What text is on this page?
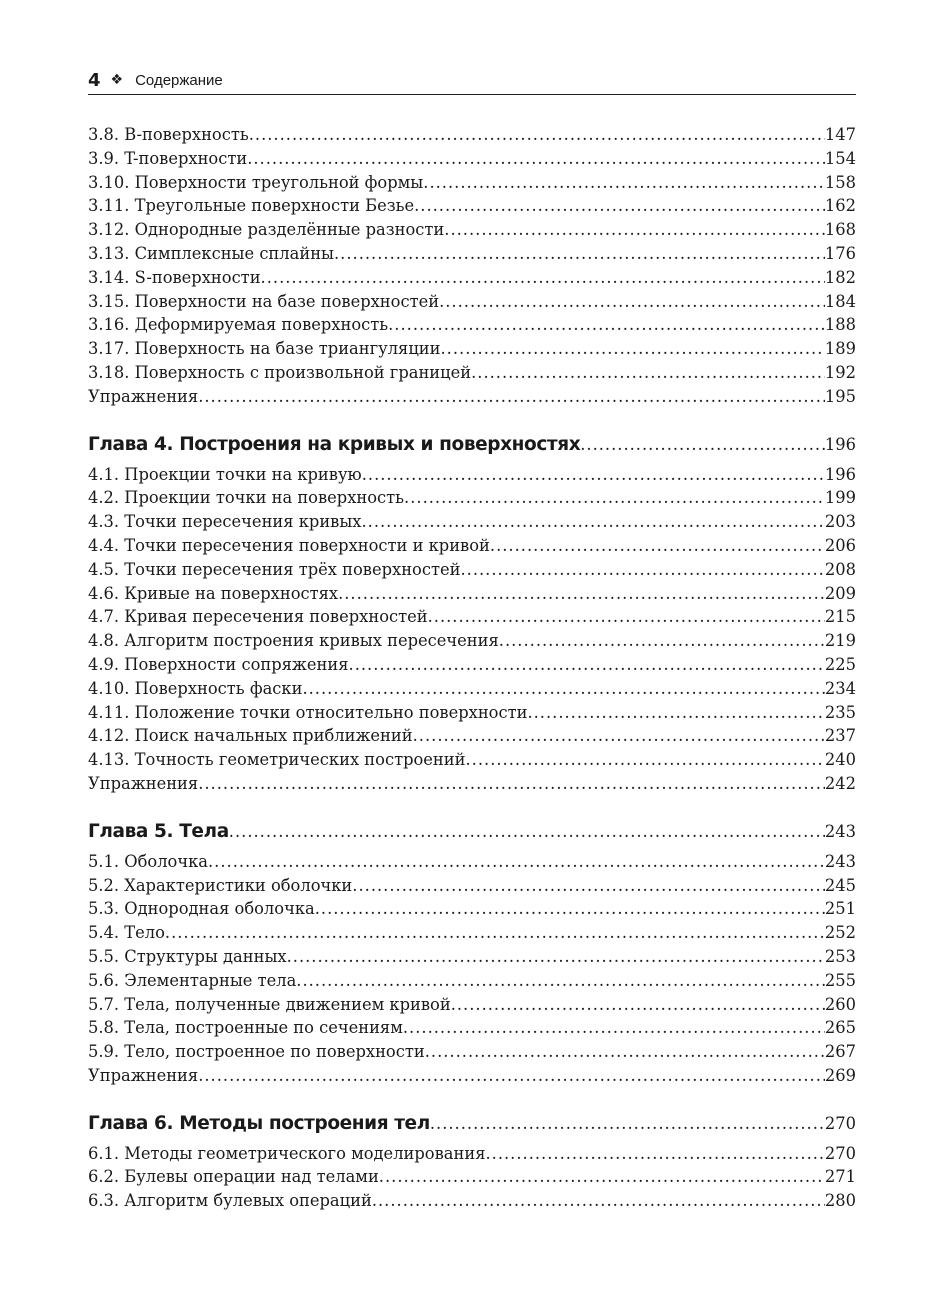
4 ❖ Содержание
3.8. B-поверхность .....	147
3.9. T-поверхности .....	154
3.10. Поверхности треугольной формы .....	158
3.11. Треугольные поверхности Безье .....	162
3.12. Однородные разделённые разности .....	168
3.13. Симплексные сплайны .....	176
3.14. S-поверхности .....	182
3.15. Поверхности на базе поверхностей .....	184
3.16. Деформируемая поверхность .....	188
3.17. Поверхность на базе триангуляции .....	189
3.18. Поверхность с произвольной границей .....	192
Упражнения .....	195
Глава 4. Построения на кривых и поверхностях .....	196
4.1. Проекции точки на кривую .....	196
4.2. Проекции точки на поверхность .....	199
4.3. Точки пересечения кривых .....	203
4.4. Точки пересечения поверхности и кривой .....	206
4.5. Точки пересечения трёх поверхностей .....	208
4.6. Кривые на поверхностях .....	209
4.7. Кривая пересечения поверхностей .....	215
4.8. Алгоритм построения кривых пересечения .....	219
4.9. Поверхности сопряжения .....	225
4.10. Поверхность фаски .....	234
4.11. Положение точки относительно поверхности .....	235
4.12. Поиск начальных приближений .....	237
4.13. Точность геометрических построений .....	240
Упражнения .....	242
Глава 5. Тела .....	243
5.1. Оболочка .....	243
5.2. Характеристики оболочки .....	245
5.3. Однородная оболочка .....	251
5.4. Тело .....	252
5.5. Структуры данных .....	253
5.6. Элементарные тела .....	255
5.7. Тела, полученные движением кривой .....	260
5.8. Тела, построенные по сечениям .....	265
5.9. Тело, построенное по поверхности .....	267
Упражнения .....	269
Глава 6. Методы построения тел .....	270
6.1. Методы геометрического моделирования .....	270
6.2. Булевы операции над телами .....	271
6.3. Алгоритм булевых операций .....	280
